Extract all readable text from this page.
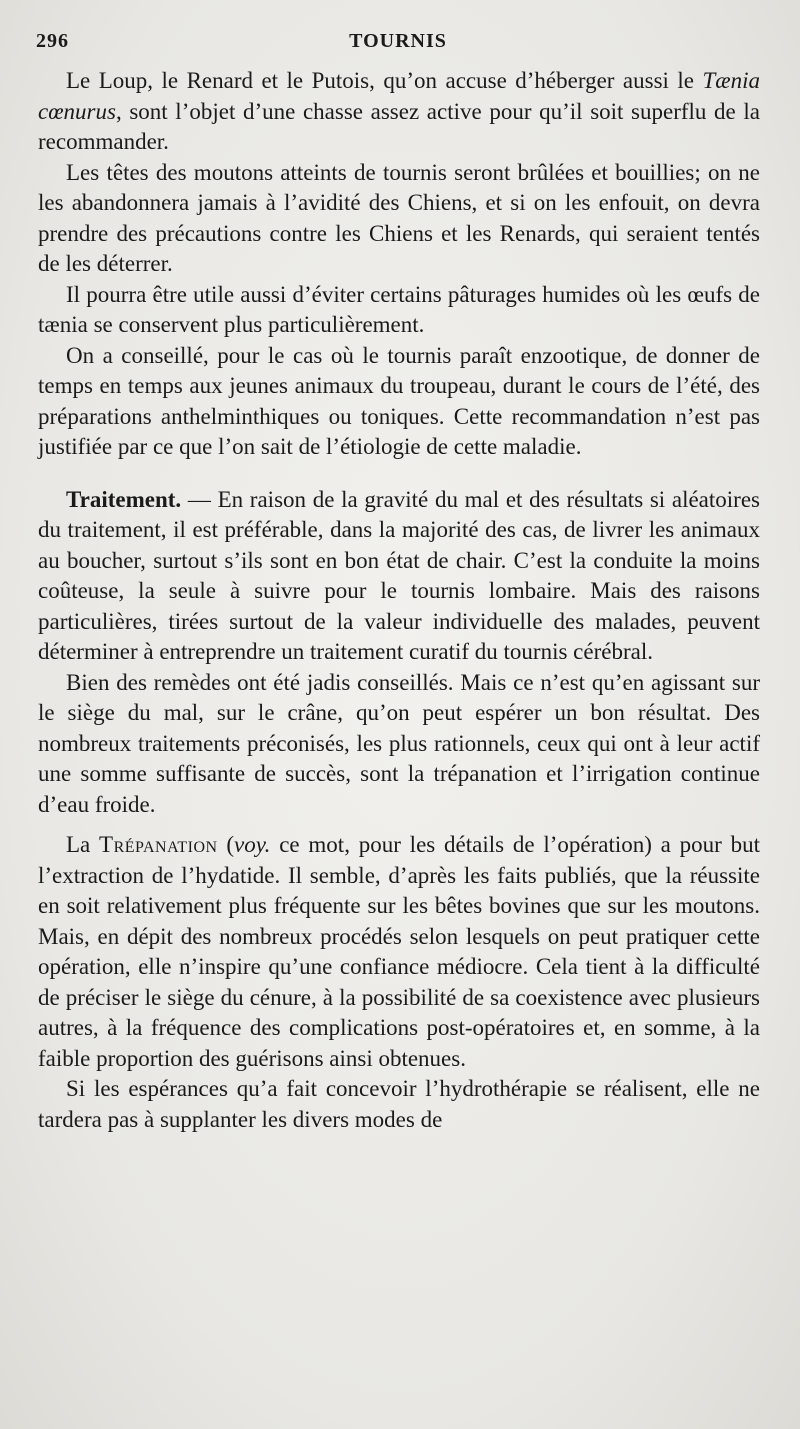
296	TOURNIS

Le Loup, le Renard et le Putois, qu’on accuse d’héberger aussi le Tænia cœnurus, sont l’objet d’une chasse assez active pour qu’il soit superflu de la recommander.

Les têtes des moutons atteints de tournis seront brûlées et bouillies; on ne les abandonnera jamais à l’avidité des Chiens, et si on les enfouit, on devra prendre des précautions contre les Chiens et les Renards, qui seraient tentés de les déterrer.

Il pourra être utile aussi d’éviter certains pâturages humides où les œufs de tænia se conservent plus particulièrement.

On a conseillé, pour le cas où le tournis paraît enzootique, de donner de temps en temps aux jeunes animaux du troupeau, durant le cours de l’été, des préparations anthelminthiques ou toniques. Cette recommandation n’est pas justifiée par ce que l’on sait de l’étiologie de cette maladie.

Traitement. — En raison de la gravité du mal et des résultats si aléatoires du traitement, il est préférable, dans la majorité des cas, de livrer les animaux au boucher, surtout s’ils sont en bon état de chair. C’est la conduite la moins coûteuse, la seule à suivre pour le tournis lombaire. Mais des raisons particulières, tirées surtout de la valeur individuelle des malades, peuvent déterminer à entreprendre un traitement curatif du tournis cérébral.

Bien des remèdes ont été jadis conseillés. Mais ce n’est qu’en agissant sur le siège du mal, sur le crâne, qu’on peut espérer un bon résultat. Des nombreux traitements préconisés, les plus rationnels, ceux qui ont à leur actif une somme suffisante de succès, sont la trépanation et l’irrigation continue d’eau froide.

La Trépanation (voy. ce mot, pour les détails de l’opération) a pour but l’extraction de l’hydatide. Il semble, d’après les faits publiés, que la réussite en soit relativement plus fréquente sur les bêtes bovines que sur les moutons. Mais, en dépit des nombreux procédés selon lesquels on peut pratiquer cette opération, elle n’inspire qu’une confiance médiocre. Cela tient à la difficulté de préciser le siège du cénure, à la possibilité de sa coexistence avec plusieurs autres, à la fréquence des complications post-opératoires et, en somme, à la faible proportion des guérisons ainsi obtenues.

Si les espérances qu’a fait concevoir l’hydrothérapie se réalisent, elle ne tardera pas à supplanter les divers modes de
